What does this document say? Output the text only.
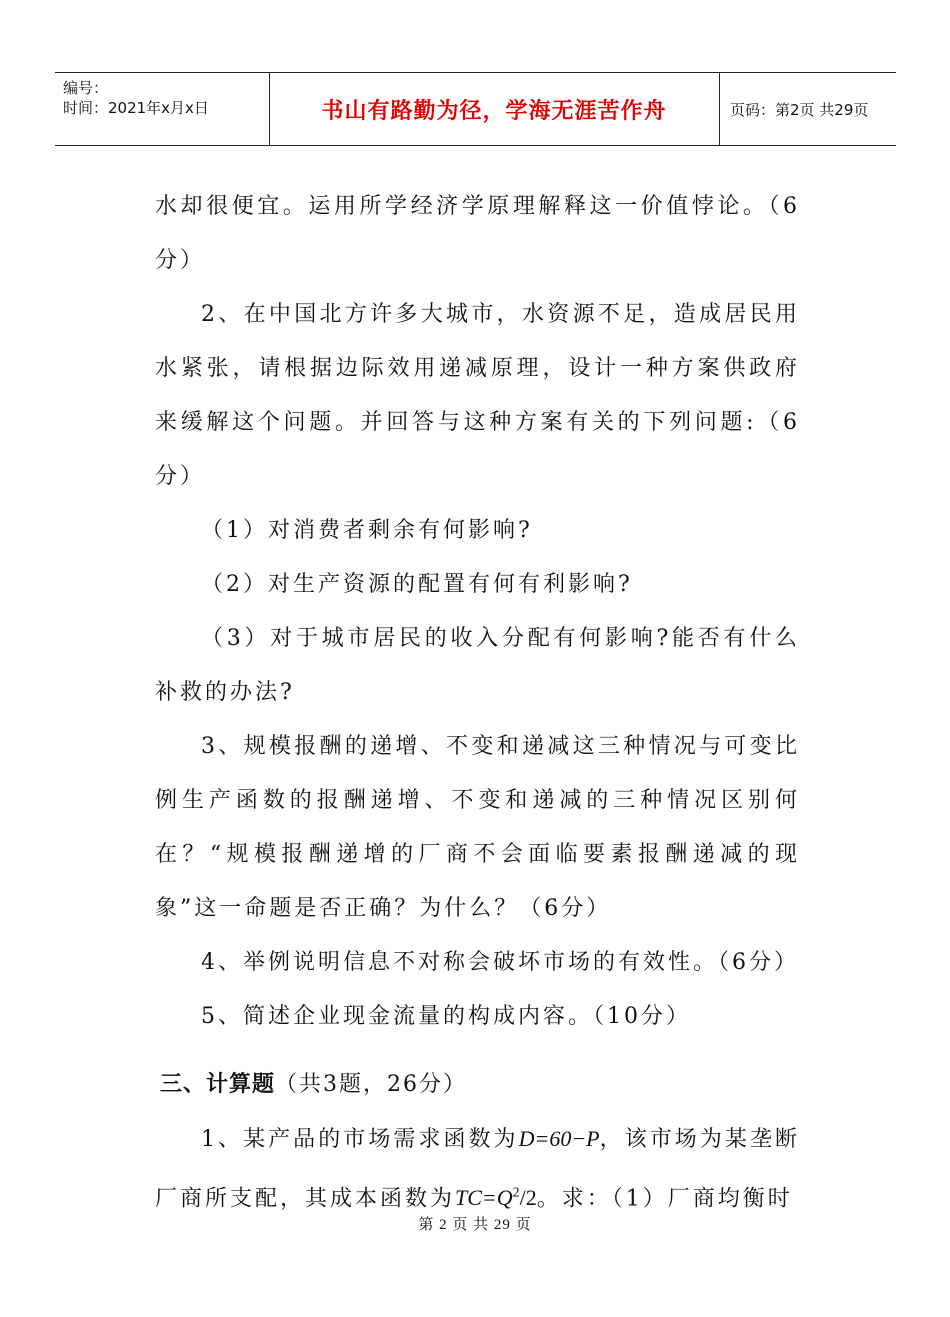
编号：
时间：2021年x月x日	书山有路勤为径，学海无涯苦作舟	页码：第2页 共29页

水却很便宜。运用所学经济学原理解释这一价值悖论。（6分）

2、在中国北方许多大城市，水资源不足，造成居民用水紧张，请根据边际效用递减原理，设计一种方案供政府来缓解这个问题。并回答与这种方案有关的下列问题:（6分）

（1）对消费者剩余有何影响?

（2）对生产资源的配置有何有利影响?

（3）对于城市居民的收入分配有何影响?能否有什么补救的办法?

3、规模报酬的递增、不变和递减这三种情况与可变比例生产函数的报酬递增、不变和递减的三种情况区别何在？“规模报酬递增的厂商不会面临要素报酬递减的现象”这一命题是否正确？为什么？（6分）

4、举例说明信息不对称会破坏市场的有效性。（6分）

5、简述企业现金流量的构成内容。（10分）

三、计算题（共3题，26分）

1、某产品的市场需求函数为D=60−P，该市场为某垄断厂商所支配，其成本函数为$TC=Q^2/2$。求：（1）厂商均衡时

第 2 页 共 29 页
